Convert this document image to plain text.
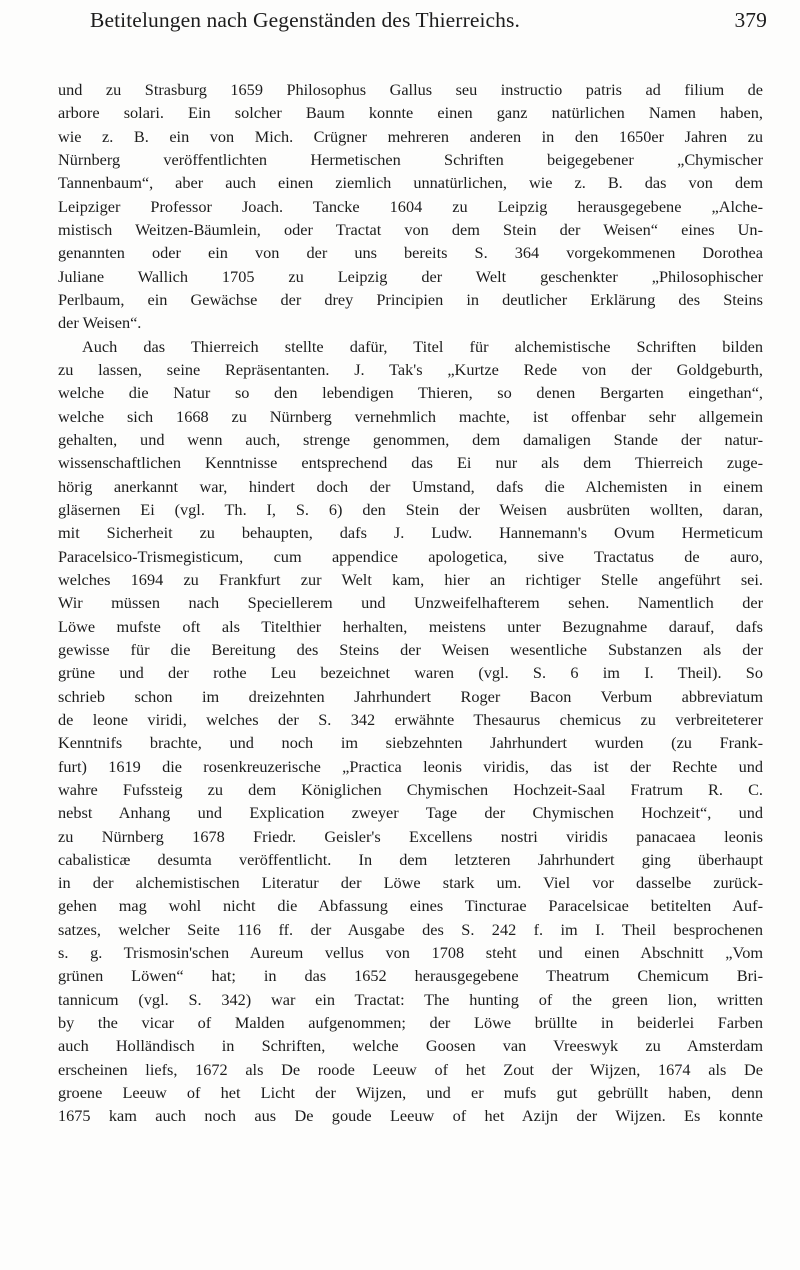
Betitelungen nach Gegenständen des Thierreichs.	379

und zu Strasburg 1659 Philosophus Gallus seu instructio patris ad filium de

arbore solari. Ein solcher Baum konnte einen ganz natürlichen Namen haben,

wie z. B. ein von Mich. Crügner mehreren anderen in den 1650er Jahren zu

Nürnberg veröffentlichten Hermetischen Schriften beigegebener „Chymischer

Tannenbaum“, aber auch einen ziemlich unnatürlichen, wie z. B. das von dem

Leipziger Professor Joach. Tancke 1604 zu Leipzig herausgegebene „Alche-

mistisch Weitzen-Bäumlein, oder Tractat von dem Stein der Weisen“ eines Un-

genannten oder ein von der uns bereits S. 364 vorgekommenen Dorothea

Juliane Wallich 1705 zu Leipzig der Welt geschenkter „Philosophischer

Perlbaum, ein Gewächse der drey Principien in deutlicher Erklärung des Steins

der Weisen“.

Auch das Thierreich stellte dafür, Titel für alchemistische Schriften bilden

zu lassen, seine Repräsentanten. J. Tak's „Kurtze Rede von der Goldgeburth,

welche die Natur so den lebendigen Thieren, so denen Bergarten eingethan“,

welche sich 1668 zu Nürnberg vernehmlich machte, ist offenbar sehr allgemein

gehalten, und wenn auch, strenge genommen, dem damaligen Stande der natur-

wissenschaftlichen Kenntnisse entsprechend das Ei nur als dem Thierreich zuge-

hörig anerkannt war, hindert doch der Umstand, dafs die Alchemisten in einem

gläsernen Ei (vgl. Th. I, S. 6) den Stein der Weisen ausbrüten wollten, daran,

mit Sicherheit zu behaupten, dafs J. Ludw. Hannemann's Ovum Hermeticum

Paracelsico-Trismegisticum, cum appendice apologetica, sive Tractatus de auro,

welches 1694 zu Frankfurt zur Welt kam, hier an richtiger Stelle angeführt sei.

Wir müssen nach Speciellerem und Unzweifelhafterem sehen. Namentlich der

Löwe mufste oft als Titelthier herhalten, meistens unter Bezugnahme darauf, dafs

gewisse für die Bereitung des Steins der Weisen wesentliche Substanzen als der

grüne und der rothe Leu bezeichnet waren (vgl. S. 6 im I. Theil). So

schrieb schon im dreizehnten Jahrhundert Roger Bacon Verbum abbreviatum

de leone viridi, welches der S. 342 erwähnte Thesaurus chemicus zu verbreiteterer

Kenntnifs brachte, und noch im siebzehnten Jahrhundert wurden (zu Frank-

furt) 1619 die rosenkreuzerische „Practica leonis viridis, das ist der Rechte und

wahre Fufssteig zu dem Königlichen Chymischen Hochzeit-Saal Fratrum R. C.

nebst Anhang und Explication zweyer Tage der Chymischen Hochzeit“, und

zu Nürnberg 1678 Friedr. Geisler's Excellens nostri viridis panacaea leonis

cabalisticæ desumta veröffentlicht. In dem letzteren Jahrhundert ging überhaupt

in der alchemistischen Literatur der Löwe stark um. Viel vor dasselbe zurück-

gehen mag wohl nicht die Abfassung eines Tincturae Paracelsicae betitelten Auf-

satzes, welcher Seite 116 ff. der Ausgabe des S. 242 f. im I. Theil besprochenen

s. g. Trismosin'schen Aureum vellus von 1708 steht und einen Abschnitt „Vom

grünen Löwen“ hat; in das 1652 herausgegebene Theatrum Chemicum Bri-

tannicum (vgl. S. 342) war ein Tractat: The hunting of the green lion, written

by the vicar of Malden aufgenommen; der Löwe brüllte in beiderlei Farben

auch Holländisch in Schriften, welche Goosen van Vreeswyk zu Amsterdam

erscheinen liefs, 1672 als De roode Leeuw of het Zout der Wijzen, 1674 als De

groene Leeuw of het Licht der Wijzen, und er mufs gut gebrüllt haben, denn

1675 kam auch noch aus De goude Leeuw of het Azijn der Wijzen. Es konnte
